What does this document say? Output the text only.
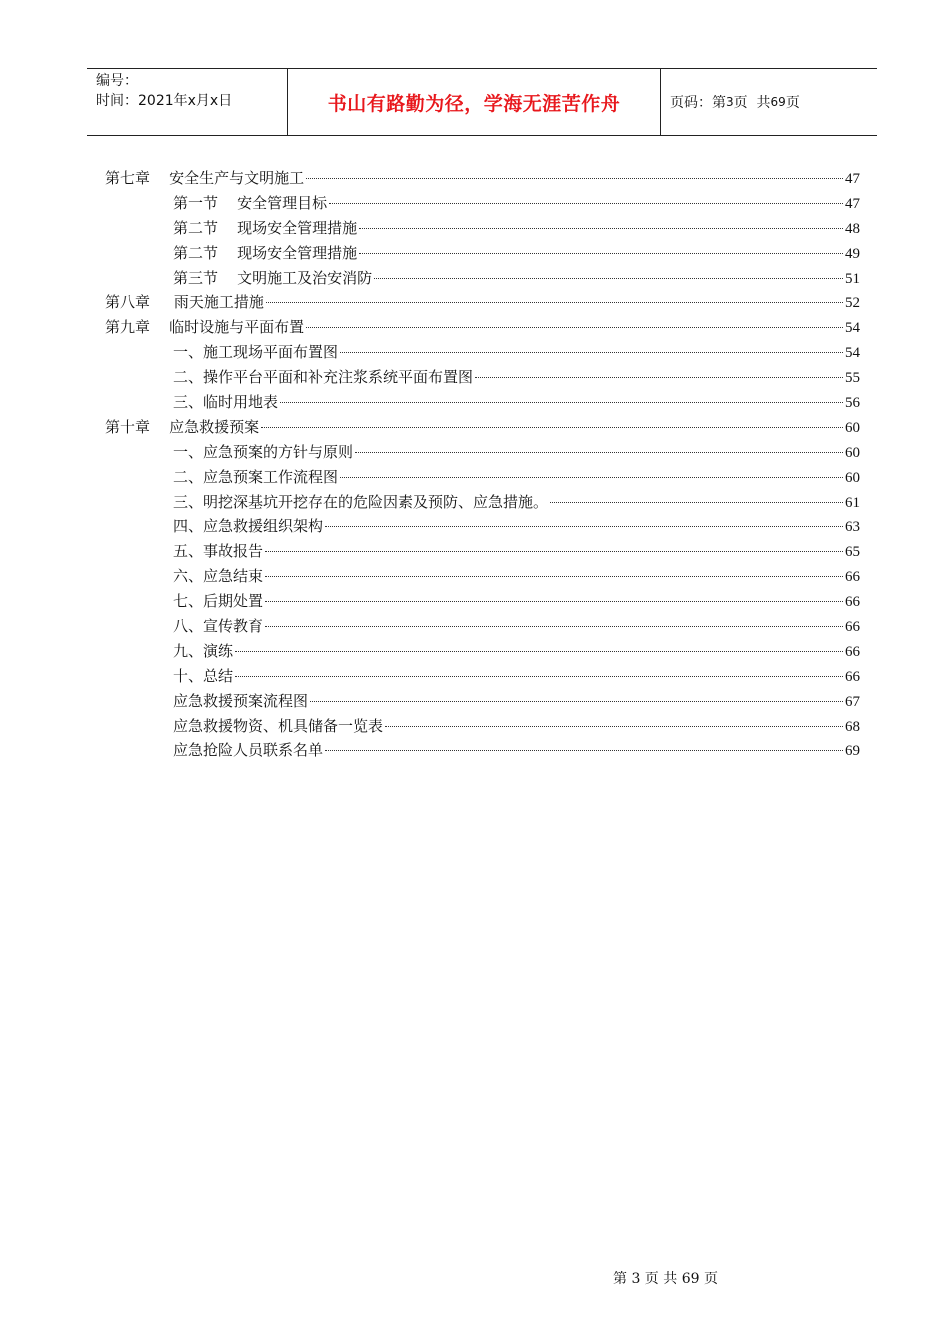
编号：
时间：2021年x月x日	书山有路勤为径，学海无涯苦作舟	页码：第 3 页  共 69 页
第七章    安全生产与文明施工	47
第一节    安全管理目标	47
第二节    现场安全管理措施	48
第二节    现场安全管理措施	49
第三节    文明施工及治安消防	51
第八章     雨天施工措施	52
第九章    临时设施与平面布置	54
一、施工现场平面布置图	54
二、操作平台平面和补充注浆系统平面布置图	55
三、临时用地表	56
第十章    应急救援预案	60
一、应急预案的方针与原则	60
二、应急预案工作流程图	60
三、明挖深基坑开挖存在的危险因素及预防、应急措施。	61
四、应急救援组织架构	63
五、事故报告	65
六、应急结束	66
七、后期处置	66
八、宣传教育	66
九、演练	66
十、总结	66
应急救援预案流程图	67
应急救援物资、机具储备一览表	68
应急抢险人员联系名单	69
第 3 页 共 69 页
